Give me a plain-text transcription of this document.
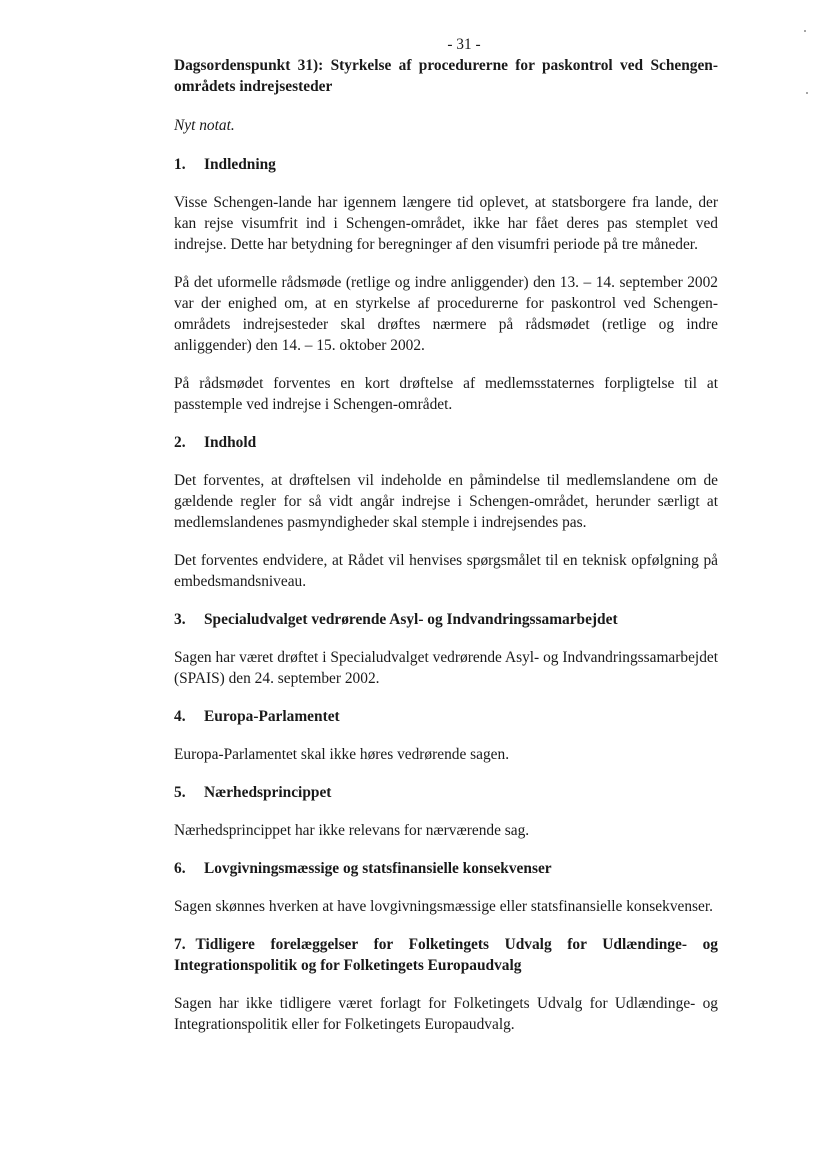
- 31 -
Dagsordenspunkt 31): Styrkelse af procedurerne for paskontrol ved Schengen-områdets indrejsesteder
Nyt notat.
1.	Indledning

Visse Schengen-lande har igennem længere tid oplevet, at statsborgere fra lande, der kan rejse visumfrit ind i Schengen-området, ikke har fået deres pas stemplet ved indrejse. Dette har betydning for beregninger af den visumfri periode på tre måneder.

På det uformelle rådsmøde (retlige og indre anliggender) den 13. – 14. september 2002 var der enighed om, at en styrkelse af procedurerne for paskontrol ved Schengen-områdets indrejsesteder skal drøftes nærmere på rådsmødet (retlige og indre anliggender) den 14. – 15. oktober 2002.

På rådsmødet forventes en kort drøftelse af medlemsstaternes forpligtelse til at passtemple ved indrejse i Schengen-området.

2.	Indhold

Det forventes, at drøftelsen vil indeholde en påmindelse til medlemslandene om de gældende regler for så vidt angår indrejse i Schengen-området, herunder særligt at medlemslandenes pasmyndigheder skal stemple i indrejsendes pas.

Det forventes endvidere, at Rådet vil henvises spørgsmålet til en teknisk opfølgning på embedsmandsniveau.

3.	Specialudvalget vedrørende Asyl- og Indvandringssamarbejdet

Sagen har været drøftet i Specialudvalget vedrørende Asyl- og Indvandringssamarbejdet (SPAIS) den 24. september 2002.

4.	Europa-Parlamentet

Europa-Parlamentet skal ikke høres vedrørende sagen.

5.	Nærhedsprincippet

Nærhedsprincippet har ikke relevans for nærværende sag.

6.	Lovgivningsmæssige og statsfinansielle konsekvenser

Sagen skønnes hverken at have lovgivningsmæssige eller statsfinansielle konsekvenser.

7. Tidligere forelæggelser for Folketingets Udvalg for Udlændinge- og Integrationspolitik og for Folketingets Europaudvalg

Sagen har ikke tidligere været forlagt for Folketingets Udvalg for Udlændinge- og Integrationspolitik eller for Folketingets Europaudvalg.
